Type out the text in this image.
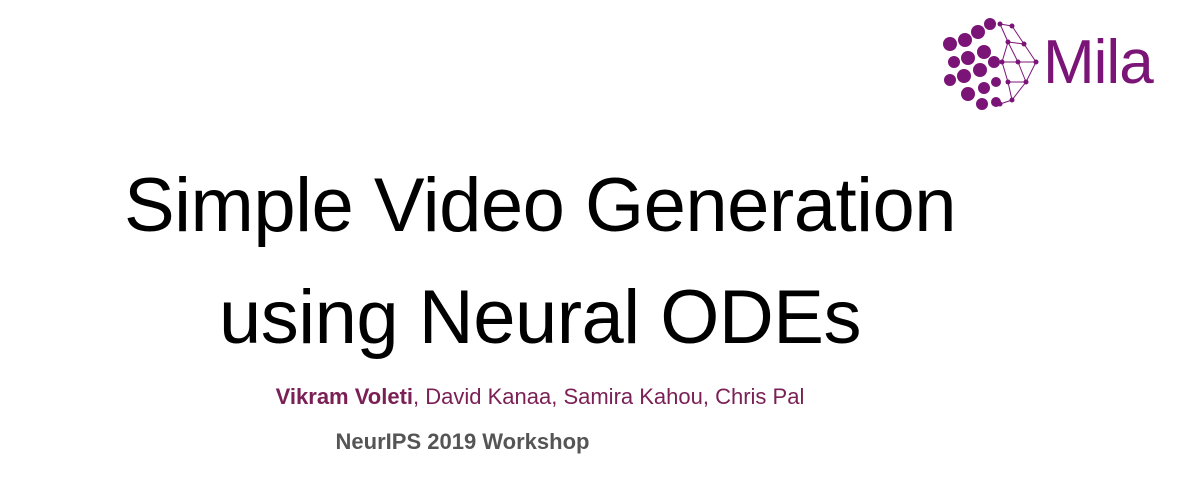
Mila
Simple Video Generation
using Neural ODEs
Vikram Voleti, David Kanaa, Samira Kahou, Chris Pal
NeurIPS 2019 Workshop
